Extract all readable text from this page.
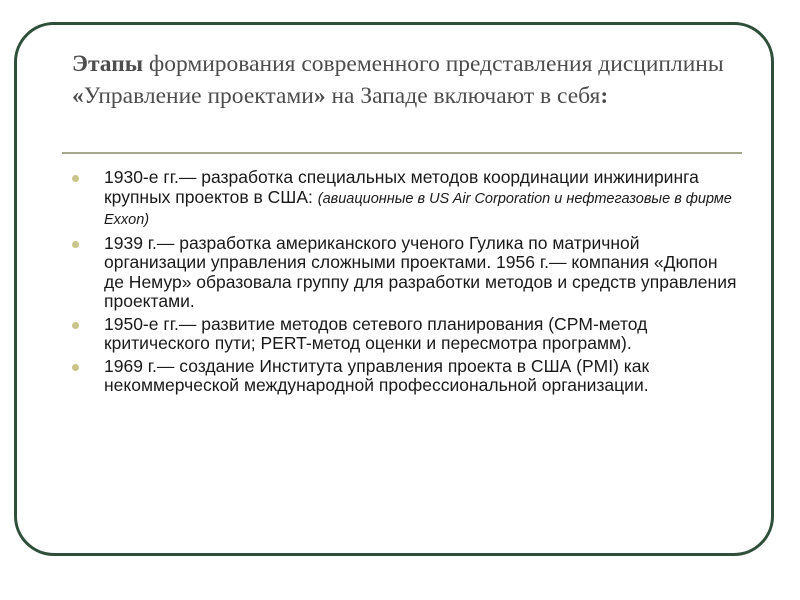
Этапы формирования современного представления дисциплины «Управление проектами» на Западе включают в себя:
1930-е гг.— разработка специальных методов координации инжиниринга крупных проектов в США: (авиационные в US Air Corporation и нефтегазовые в фирме Exxon)
1939 г.— разработка американского ученого Гулика по матричной организации управления сложными проектами. 1956 г.— компания «Дюпон де Немур» образовала группу для разработки методов и средств управления проектами.
1950-е гг.— развитие методов сетевого планирования (CPM-метод критического пути; PERT-метод оценки и пересмотра программ).
1969 г.— создание Института управления проекта в США (PMI) как некоммерческой международной профессиональной организации.
